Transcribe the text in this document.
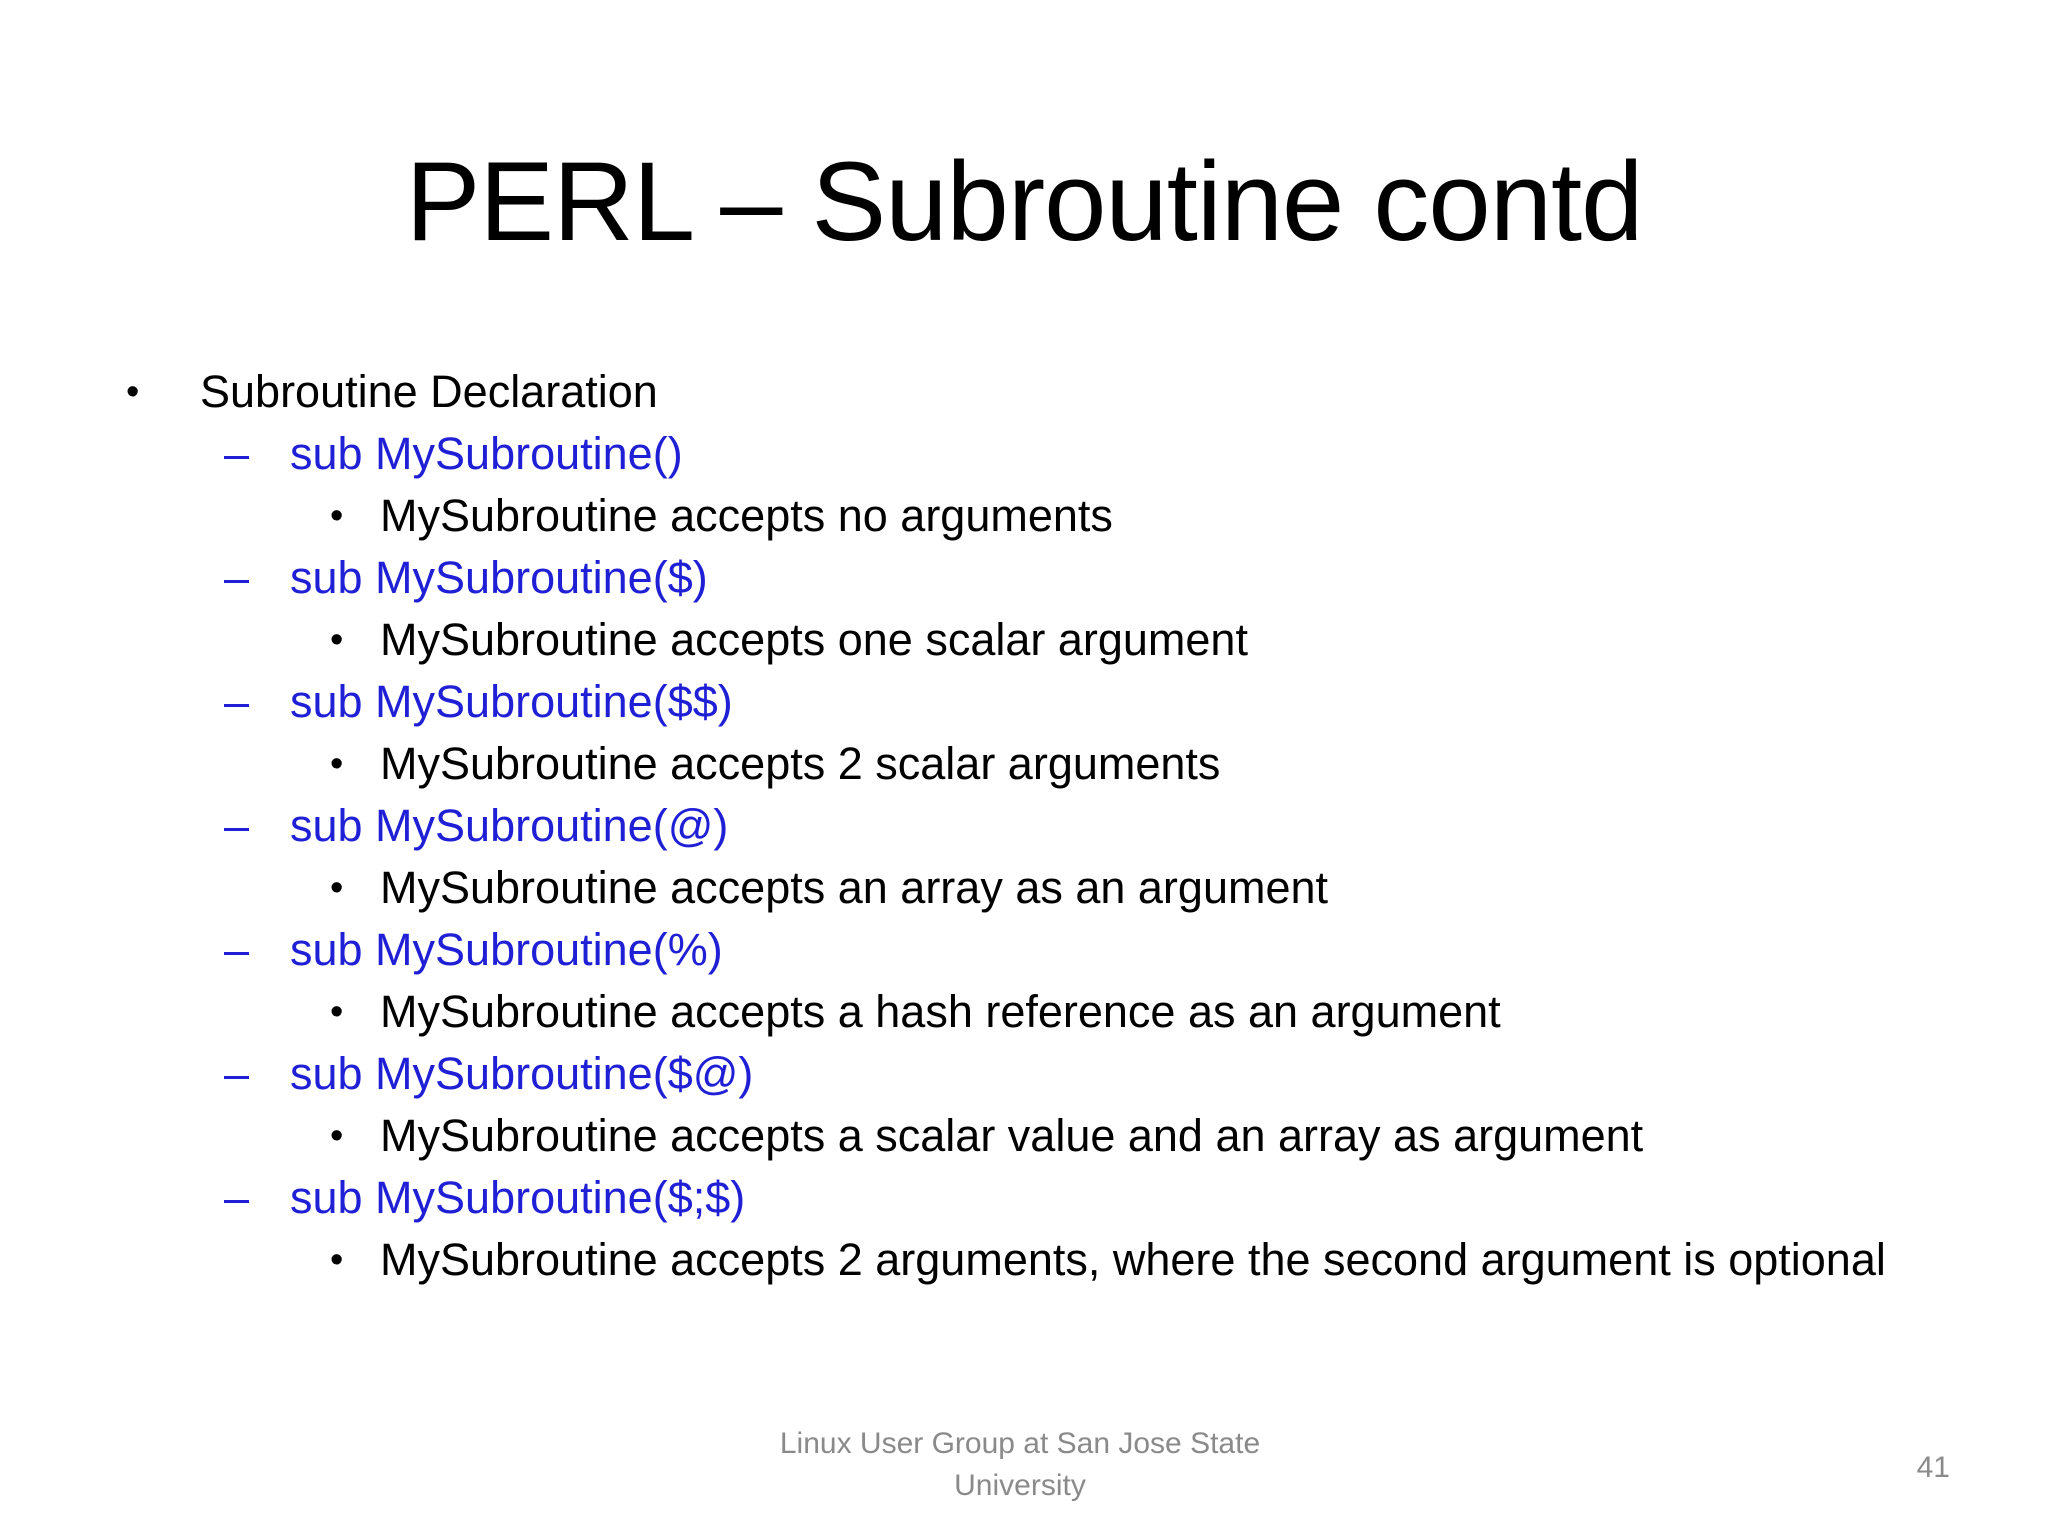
PERL – Subroutine contd
• Subroutine Declaration
– sub MySubroutine()
• MySubroutine accepts no arguments
– sub MySubroutine($)
• MySubroutine accepts one scalar argument
– sub MySubroutine($$)
• MySubroutine accepts 2 scalar arguments
– sub MySubroutine(@)
• MySubroutine accepts an array as an argument
– sub MySubroutine(%)
• MySubroutine accepts a hash reference as an argument
– sub MySubroutine($@)
• MySubroutine accepts a scalar value and an array as argument
– sub MySubroutine($;$)
• MySubroutine accepts 2 arguments, where the second argument is optional
Linux User Group at San Jose State University
41
